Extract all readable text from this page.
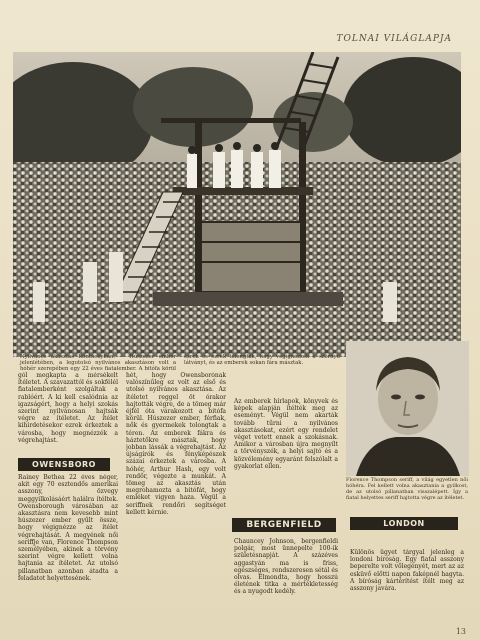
TOLNAI VILÁGLAPJA
Nyilvános akasztás Kentuckyban. — Húszezer ember jelenlétében, a legutolsó nyilvános akasztáson volt a hóhér szerepében egy 22 éves fiatalember. A bitófa körül ezrek és ezrek tolongtak, hogy végignézzék a szörnyű látványt, és az emberek sokan fára másztak.
Florence Thompson seriff, a világ egyetlen női hóhéra. Fel kellett volna akasztania a gyilkost, de az utolsó pillanatban visszalépett. Így a fiatal helyettes seriff hajtotta végre az ítéletet.

gól megkapta a mérsékelt ítéletet. A szavazattól és sokfélél fiatalemberként szolgáltak a rablóért. A ki kell csalódnia az igazságért, hogy a helyi szokás szerint nyilvánosan hajtsák végre az ítéletet. Az ítélet kihirdetésekor ezrek érkeztek a városba, hogy megnézzék a végrehajtást.

OWENSBORO

Rainey Bethea 22 éves néger, akit egy 70 esztendős amerikai asszony, özvegy meggyilkolásáért halálra ítéltek. Owensborough városában az akasztásra nem kevesebb mint húszezer ember gyűlt össze, hogy végignézze az ítélet végrehajtását. A megyének női seriffje van, Florence Thompson személyében, akinek a törvény szerint végre kellett volna hajtania az ítéletet. Az utolsó pillanatban azonban átadta a feladatot helyettesének.

hét, hogy Owensborónak valószínűleg ez volt az első és utolsó nyilvános akasztása. Az ítéletet reggel öt órakor hajtották végre, de a tömeg már éjfél óta várakozott a bitófa körül. Húszezer ember, férfiak, nők és gyermekek tolongtak a téren. Az emberek fákra és háztetőkre másztak, hogy jobban lássák a végrehajtást. Az újságírók és fényképészek százai érkeztek a városba. A hóhér, Arthur Hash, egy volt rendőr, végezte a munkát. A tömeg az akasztás után megrohamozta a bitófát, hogy emléket vigyen haza. Végül a seriffnek rendőri segítséget kellett kérnie.

Az emberek hírlapok, könyvek és képek alapján ítélték meg az eseményt. Végül nem akarták tovább tűrni a nyilvános akasztásokat, ezért egy rendelet véget vetett ennek a szokásnak. Amikor a városban újra megnyílt a törvényszék, a helyi sajtó és a közvélemény egyaránt felszólalt a gyakorlat ellen.

BERGENFIELD

Chauncey Johnson, bergenfieldi polgár, most ünnepelte 100-ik születésnapját. A százéves aggastyán ma is friss, egészséges, rendszeresen sétál és olvas. Elmondta, hogy hosszú életének titka a mértékletesség és a nyugodt kedély.

LONDON

Különös ügyet tárgyal jelenleg a londoni bíróság. Egy fiatal asszony beperelte volt vőlegényét, mert az az esküvő előtti napon faképnél hagyta. A bíróság kártérítést ítélt meg az asszony javára.

13
